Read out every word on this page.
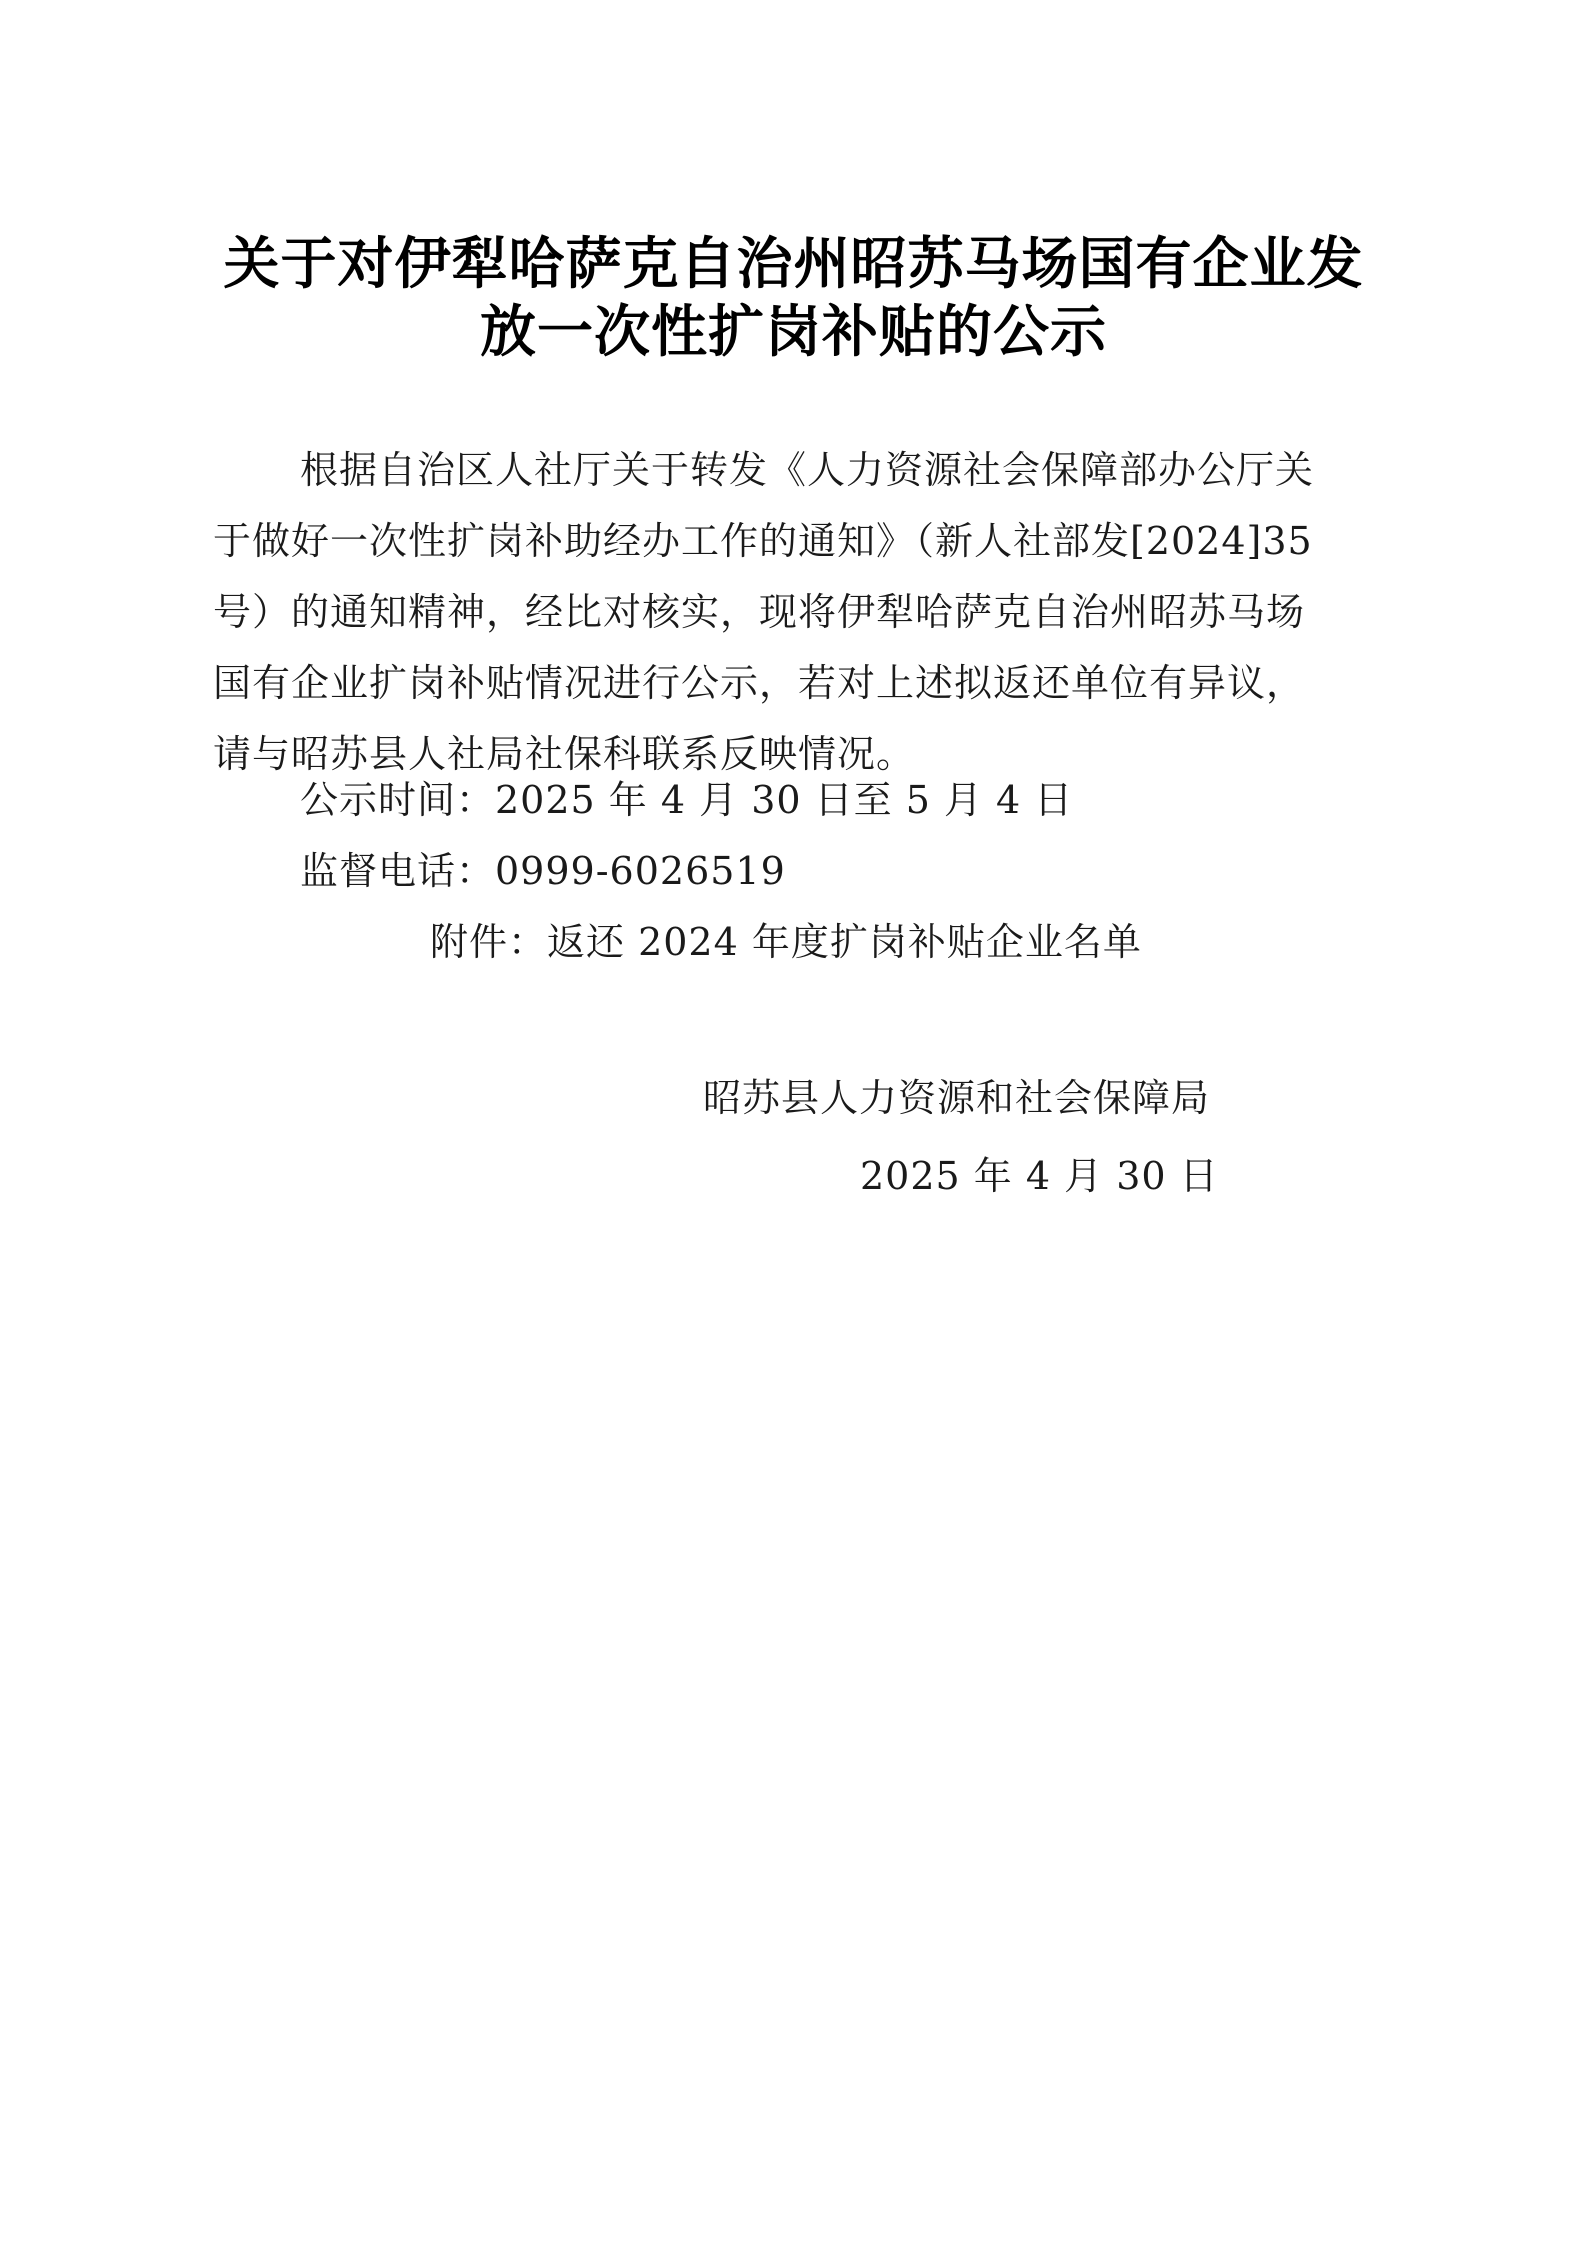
关于对伊犁哈萨克自治州昭苏马场国有企业发
放一次性扩岗补贴的公示
根据自治区人社厅关于转发《人力资源社会保障部办公厅关
于做好一次性扩岗补助经办工作的通知》（新人社部发[2024]35
号）的通知精神，经比对核实，现将伊犁哈萨克自治州昭苏马场
国有企业扩岗补贴情况进行公示，若对上述拟返还单位有异议，
请与昭苏县人社局社保科联系反映情况。
公示时间：2025 年 4 月 30 日至 5 月 4 日
监督电话：0999-6026519
附件：返还 2024 年度扩岗补贴企业名单
昭苏县人力资源和社会保障局
2025 年 4 月 30 日
